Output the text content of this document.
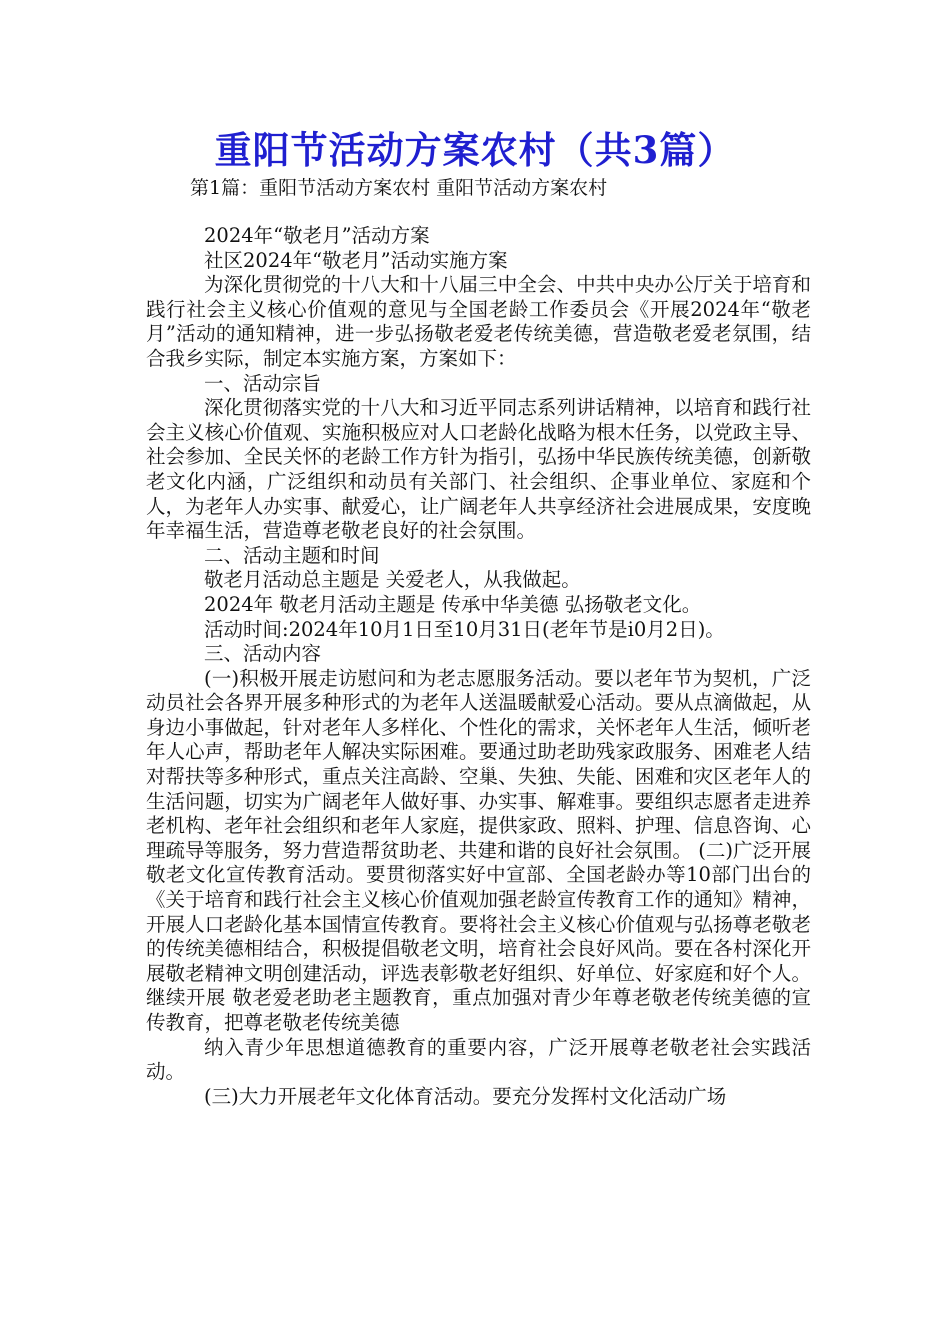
重阳节活动方案农村（共3篇）
第1篇：重阳节活动方案农村 重阳节活动方案农村

2024年“敬老月”活动方案

社区2024年“敬老月”活动实施方案

为深化贯彻党的十八大和十八届三中全会、中共中央办公厅关于培育和践行社会主义核心价值观的意见与全国老龄工作委员会《开展2024年“敬老月”活动的通知精神，进一步弘扬敬老爱老传统美德，营造敬老爱老氛围，结合我乡实际，制定本实施方案，方案如下：

一、活动宗旨

深化贯彻落实党的十八大和习近平同志系列讲话精神，以培育和践行社会主义核心价值观、实施积极应对人口老龄化战略为根木任务，以党政主导、社会参加、全民关怀的老龄工作方针为指引，弘扬中华民族传统美德，创新敬老文化内涵，广泛组织和动员有关部门、社会组织、企事业单位、家庭和个人，为老年人办实事、献爱心，让广阔老年人共享经济社会进展成果，安度晚年幸福生活，营造尊老敬老良好的社会氛围。

二、活动主题和时间

敬老月活动总主题是 关爱老人，从我做起。

2024年 敬老月活动主题是 传承中华美德 弘扬敬老文化。

活动时间:2024年10月1日至10月31日(老年节是i0月2日)。

三、活动内容

(一)积极开展走访慰问和为老志愿服务活动。要以老年节为契机，广泛动员社会各界开展多种形式的为老年人送温暖献爱心活动。要从点滴做起，从身边小事做起，针对老年人多样化、个性化的需求，关怀老年人生活，倾听老年人心声，帮助老年人解决实际困难。要通过助老助残家政服务、困难老人结对帮扶等多种形式，重点关注高龄、空巢、失独、失能、困难和灾区老年人的生活问题，切实为广阔老年人做好事、办实事、解难事。要组织志愿者走进养老机构、老年社会组织和老年人家庭，提供家政、照料、护理、信息咨询、心理疏导等服务，努力营造帮贫助老、共建和谐的良好社会氛围。 (二)广泛开展敬老文化宣传教育活动。要贯彻落实好中宣部、全国老龄办等10部门出台的《关于培育和践行社会主义核心价值观加强老龄宣传教育工作的通知》精神，开展人口老龄化基本国情宣传教育。要将社会主义核心价值观与弘扬尊老敬老的传统美德相结合，积极提倡敬老文明，培育社会良好风尚。要在各村深化开展敬老精神文明创建活动，评选表彰敬老好组织、好单位、好家庭和好个人。继续开展 敬老爱老助老主题教育，重点加强对青少年尊老敬老传统美德的宣传教育，把尊老敬老传统美德

纳入青少年思想道德教育的重要内容，广泛开展尊老敬老社会实践活动。

(三)大力开展老年文化体育活动。要充分发挥村文化活动广场
